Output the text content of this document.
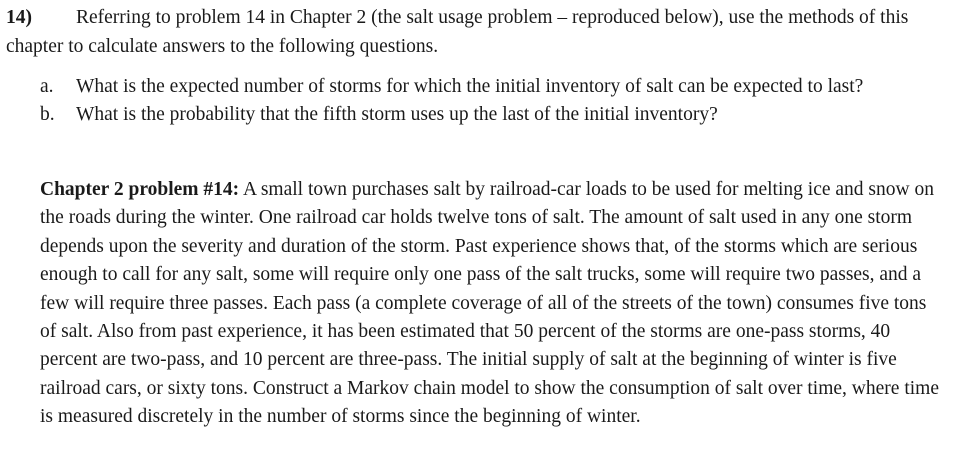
14) Referring to problem 14 in Chapter 2 (the salt usage problem – reproduced below), use the methods of this chapter to calculate answers to the following questions.

a. What is the expected number of storms for which the initial inventory of salt can be expected to last?
b. What is the probability that the fifth storm uses up the last of the initial inventory?

Chapter 2 problem #14: A small town purchases salt by railroad-car loads to be used for melting ice and snow on the roads during the winter. One railroad car holds twelve tons of salt. The amount of salt used in any one storm depends upon the severity and duration of the storm. Past experience shows that, of the storms which are serious enough to call for any salt, some will require only one pass of the salt trucks, some will require two passes, and a few will require three passes. Each pass (a complete coverage of all of the streets of the town) consumes five tons of salt. Also from past experience, it has been estimated that 50 percent of the storms are one-pass storms, 40 percent are two-pass, and 10 percent are three-pass. The initial supply of salt at the beginning of winter is five railroad cars, or sixty tons. Construct a Markov chain model to show the consumption of salt over time, where time is measured discretely in the number of storms since the beginning of winter.
